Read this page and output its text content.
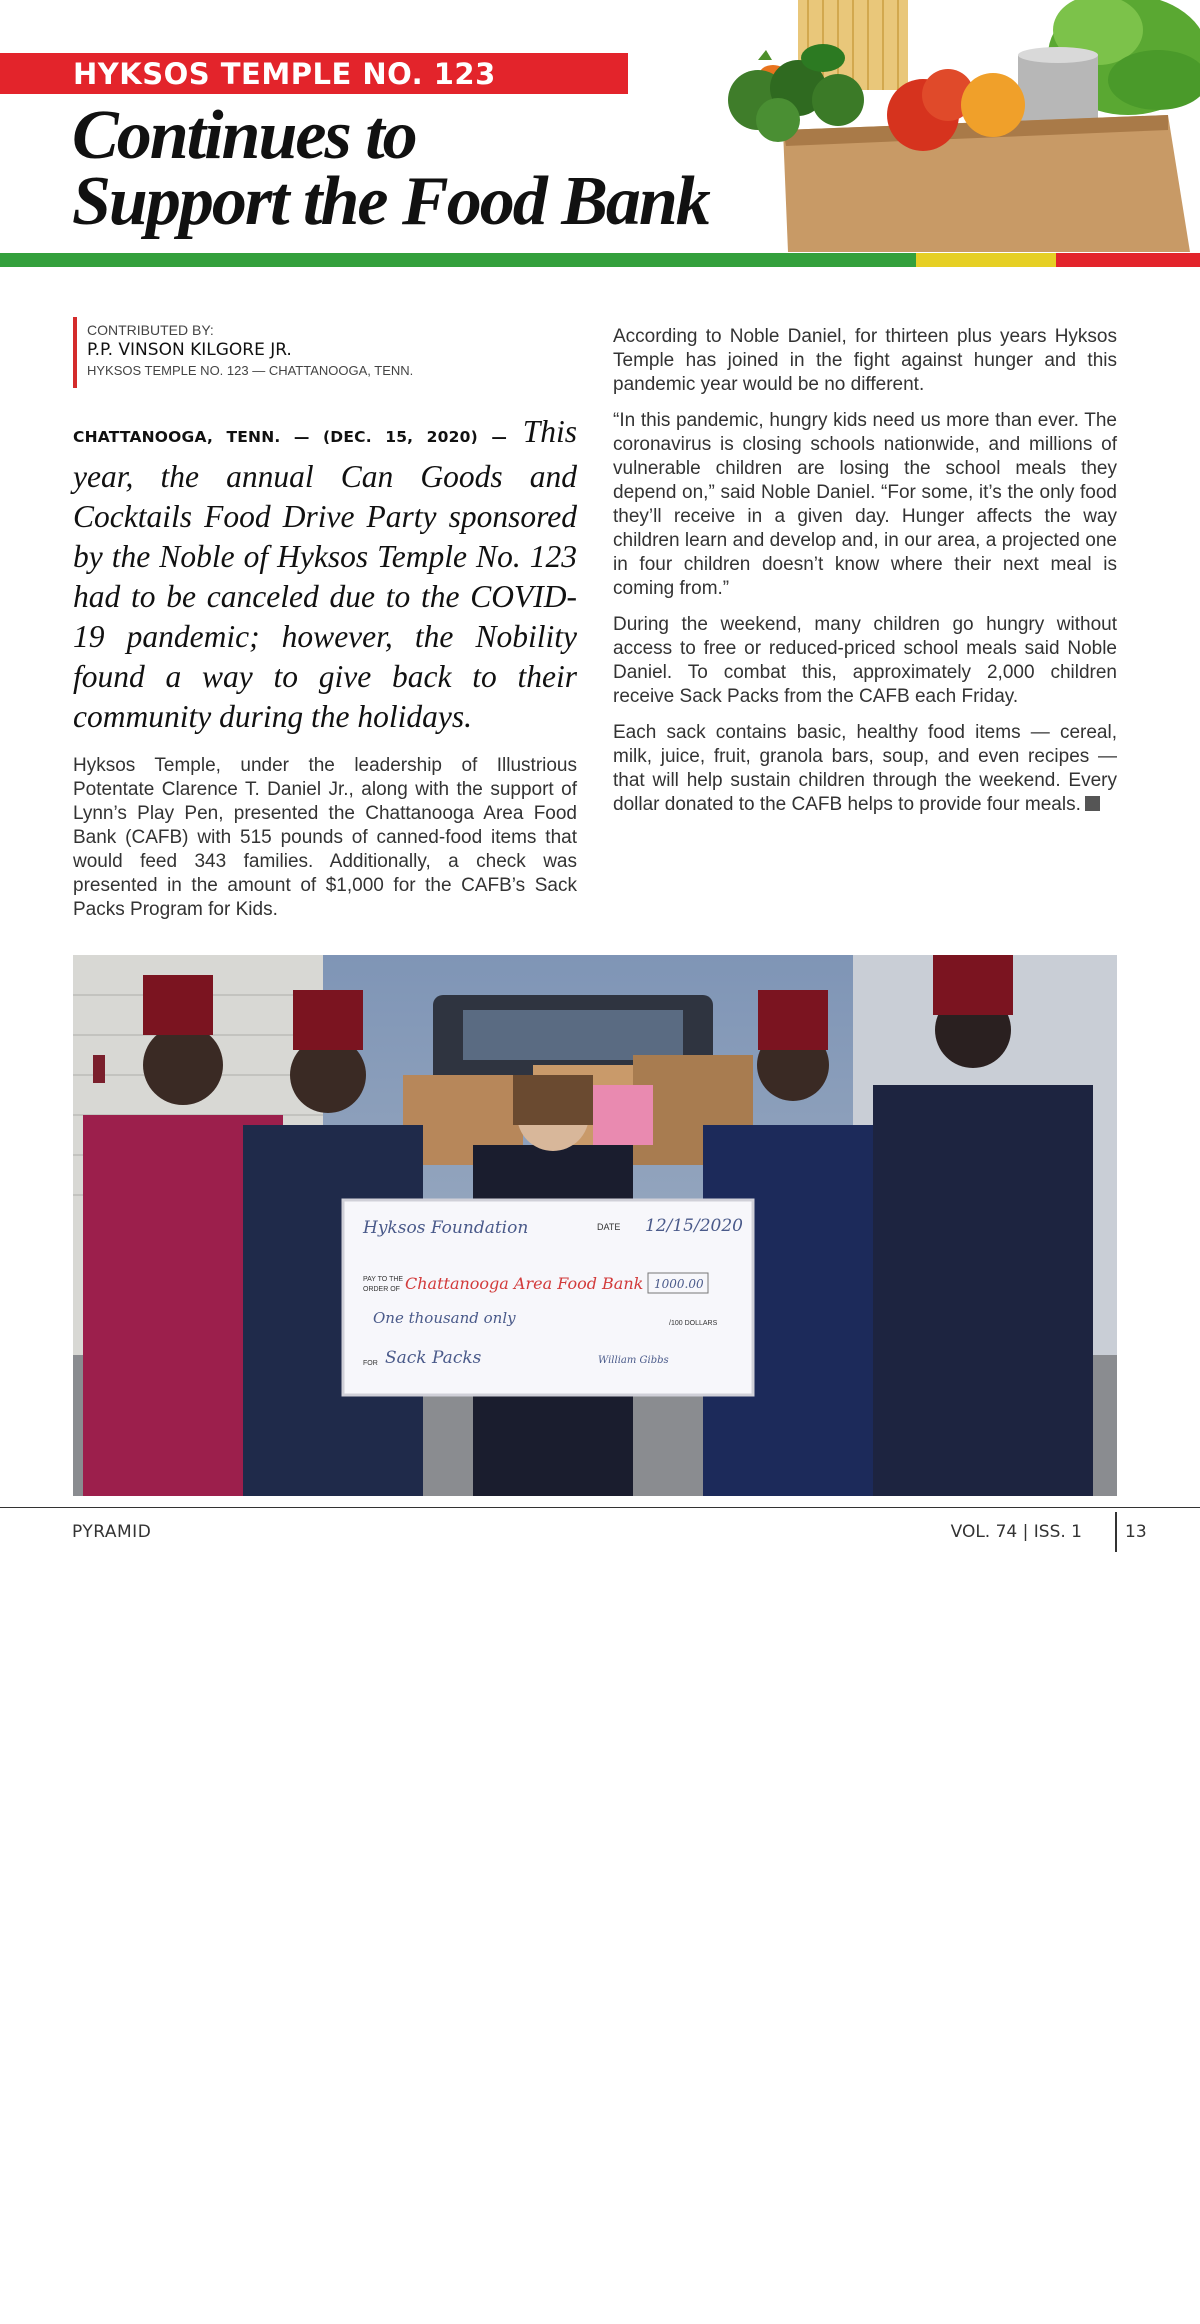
HYKSOS TEMPLE NO. 123
Continues to
Support the Food Bank
CONTRIBUTED BY:
P.P. VINSON KILGORE JR.
HYKSOS TEMPLE NO. 123 — CHATTANOOGA, TENN.

CHATTANOOGA, TENN. — (DEC. 15, 2020) — This year, the annual Can Goods and Cocktails Food Drive Party sponsored by the Noble of Hyksos Temple No. 123 had to be canceled due to the COVID-19 pandemic; however, the Nobility found a way to give back to their community during the holidays.

Hyksos Temple, under the leadership of Illustrious Potentate Clarence T. Daniel Jr., along with the support of Lynn’s Play Pen, presented the Chattanooga Area Food Bank (CAFB) with 515 pounds of canned-food items that would feed 343 families. Additionally, a check was presented in the amount of $1,000 for the CAFB’s Sack Packs Program for Kids.

According to Noble Daniel, for thirteen plus years Hyksos Temple has joined in the fight against hunger and this pandemic year would be no different.

“In this pandemic, hungry kids need us more than ever. The coronavirus is closing schools nationwide, and millions of vulnerable children are losing the school meals they depend on,” said Noble Daniel. “For some, it’s the only food they’ll receive in a given day. Hunger affects the way children learn and develop and, in our area, a projected one in four children doesn’t know where their next meal is coming from.”

During the weekend, many children go hungry without access to free or reduced-priced school meals said Noble Daniel. To combat this, approximately 2,000 children receive Sack Packs from the CAFB each Friday.

Each sack contains basic, healthy food items — cereal, milk, juice, fruit, granola bars, soup, and even recipes — that will help sustain children through the weekend. Every dollar donated to the CAFB helps to provide four meals.

Hyksos Foundation	DATE 12/15/2020
PAY TO THE
ORDER OF Chattanooga Area Food Bank 1000.00
One thousand only	/100 DOLLARS
FOR Sack Packs	William Gibbs
CAFB DONATION: (L – R) Past Potentate William Gibbs, Chief Rabban Anton Burch, a Food Bank representative, Illustrious Potentate Clarence T. Daniel Jr., and Past Potentate Vinson D. Kilgore Jr.
PYRAMID	VOL. 74 | ISS. 1	13
